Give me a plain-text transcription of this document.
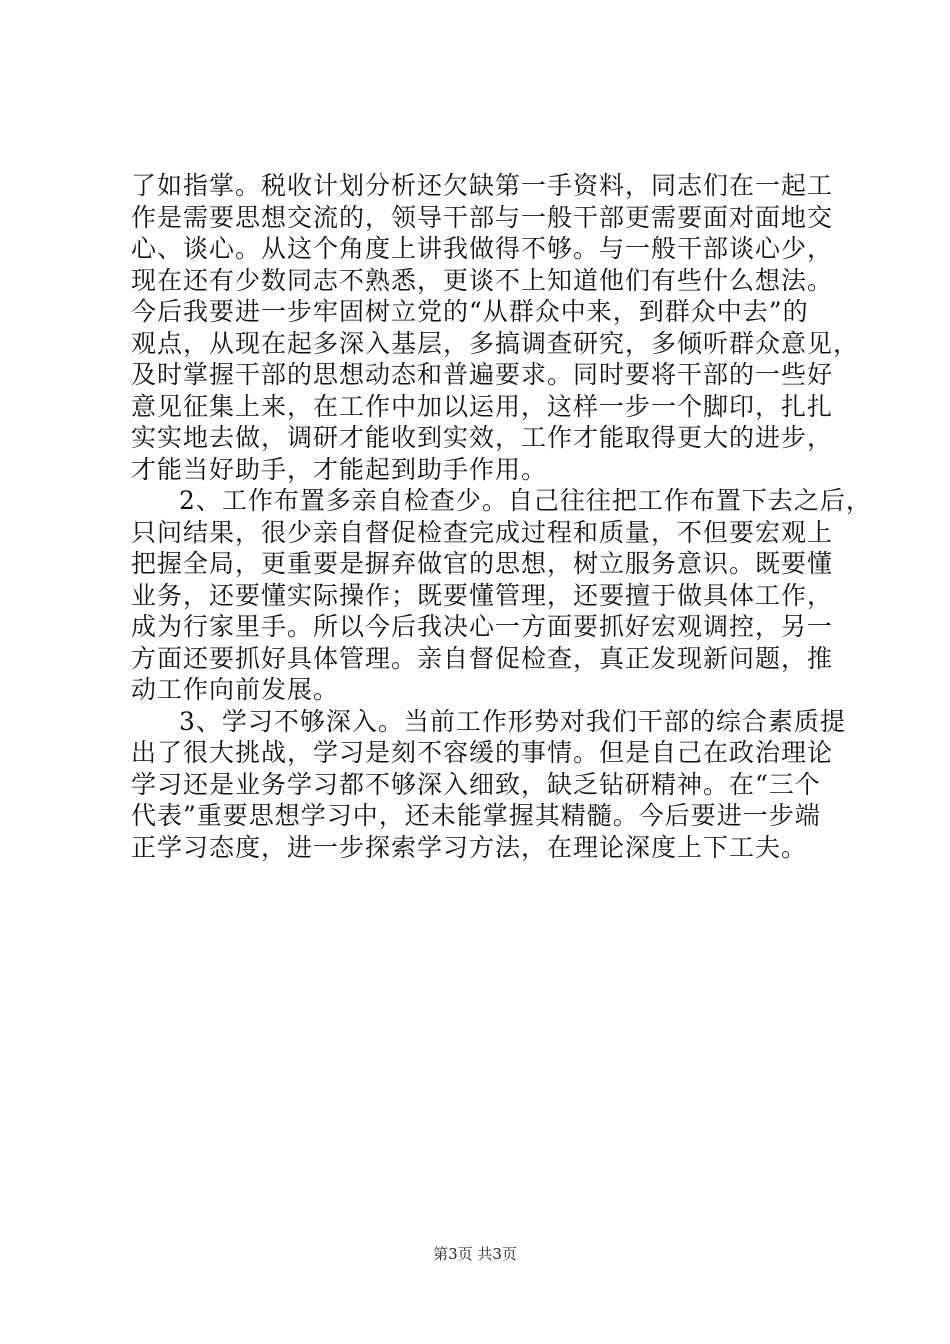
了如指掌。税收计划分析还欠缺第一手资料，同志们在一起工
作是需要思想交流的，领导干部与一般干部更需要面对面地交
心、谈心。从这个角度上讲我做得不够。与一般干部谈心少，
现在还有少数同志不熟悉，更谈不上知道他们有些什么想法。
今后我要进一步牢固树立党的“从群众中来，到群众中去”的
观点，从现在起多深入基层，多搞调查研究，多倾听群众意见，
及时掌握干部的思想动态和普遍要求。同时要将干部的一些好
意见征集上来，在工作中加以运用，这样一步一个脚印，扎扎
实实地去做，调研才能收到实效，工作才能取得更大的进步，
才能当好助手，才能起到助手作用。
2、工作布置多亲自检查少。自己往往把工作布置下去之后，
只问结果，很少亲自督促检查完成过程和质量，不但要宏观上
把握全局，更重要是摒弃做官的思想，树立服务意识。既要懂
业务，还要懂实际操作；既要懂管理，还要擅于做具体工作，
成为行家里手。所以今后我决心一方面要抓好宏观调控，另一
方面还要抓好具体管理。亲自督促检查，真正发现新问题，推
动工作向前发展。
3、学习不够深入。当前工作形势对我们干部的综合素质提
出了很大挑战，学习是刻不容缓的事情。但是自己在政治理论
学习还是业务学习都不够深入细致，缺乏钻研精神。在“三个
代表”重要思想学习中，还未能掌握其精髓。今后要进一步端
正学习态度，进一步探索学习方法，在理论深度上下工夫。
第3页 共3页
